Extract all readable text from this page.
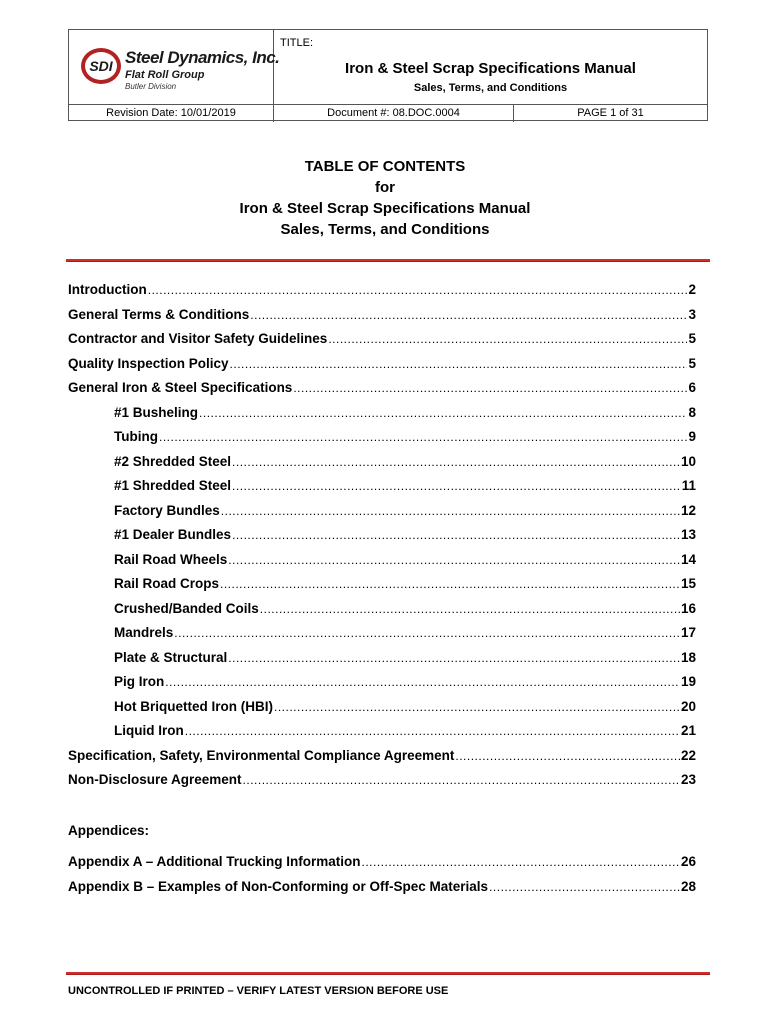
SDI Steel Dynamics, Inc.
Flat Roll Group
Butler Division
TITLE:
Iron & Steel Scrap Specifications Manual
Sales, Terms, and Conditions
Revision Date: 10/01/2019	Document #: 08.DOC.0004	PAGE 1 of 31
TABLE OF CONTENTS
for
Iron & Steel Scrap Specifications Manual
Sales, Terms, and Conditions
Introduction .....	2
General Terms & Conditions .....	3
Contractor and Visitor Safety Guidelines .....	5
Quality Inspection Policy .....	5
General Iron & Steel Specifications .....	6
#1 Busheling .....	8
Tubing .....	9
#2 Shredded Steel .....	10
#1 Shredded Steel .....	11
Factory Bundles .....	12
#1 Dealer Bundles .....	13
Rail Road Wheels .....	14
Rail Road Crops .....	15
Crushed/Banded Coils .....	16
Mandrels .....	17
Plate & Structural .....	18
Pig Iron .....	19
Hot Briquetted Iron (HBI) .....	20
Liquid Iron .....	21
Specification, Safety, Environmental Compliance Agreement .....	22
Non-Disclosure Agreement .....	23
Appendices:
Appendix A – Additional Trucking Information .....	26
Appendix B – Examples of Non-Conforming or Off-Spec Materials .....	28
UNCONTROLLED IF PRINTED – VERIFY LATEST VERSION BEFORE USE
